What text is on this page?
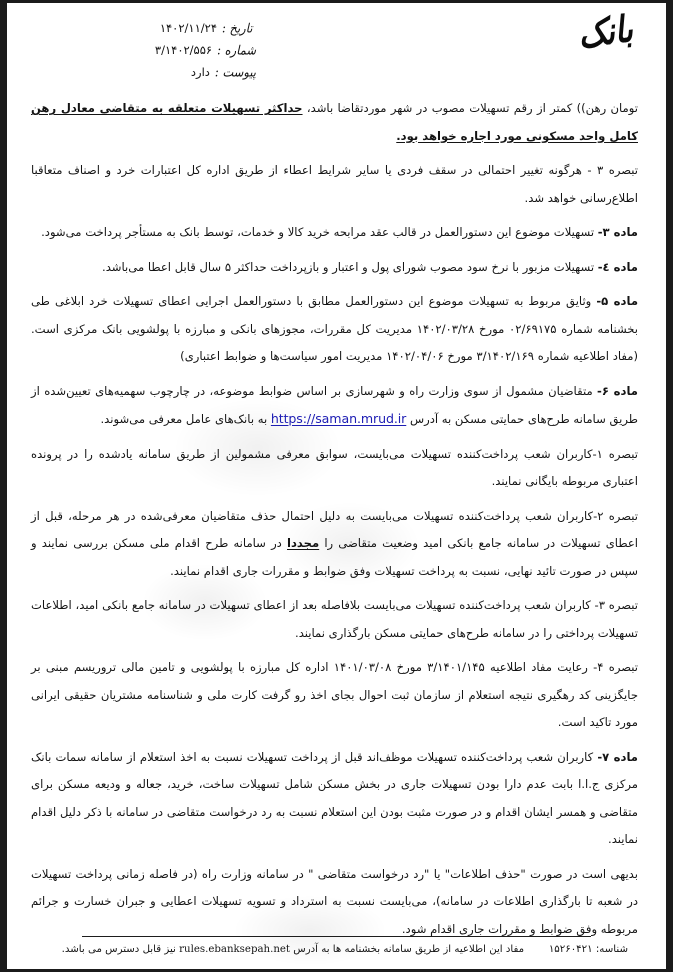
بانک
تاریخ :
۱۴۰۲/۱۱/۲۴
شماره :
۳/۱۴۰۲/۵۵۶
پیوست :
دارد

تومان رهن)) کمتر از رقم تسهیلات مصوب در شهر موردتقاضا باشد، حداکثر تسهیلات متعلقه به متقاضی معادل رهن کامل واحد مسکونی مورد اجاره خواهد بود.

تبصره ۳ - هرگونه تغییر احتمالی در سقف فردی یا سایر شرایط اعطاء از طریق اداره کل اعتبارات خرد و اصناف متعاقبا اطلاع‌رسانی خواهد شد.

ماده ۳- تسهیلات موضوع این دستورالعمل در قالب عقد مرابحه خرید کالا و خدمات، توسط بانک به مستأجر پرداخت می‌شود.

ماده ٤- تسهیلات مزبور با نرخ سود مصوب شورای پول و اعتبار و بازپرداخت حداکثر ۵ سال قابل اعطا می‌باشد.

ماده ۵- وثایق مربوط به تسهیلات موضوع این دستورالعمل مطابق با دستورالعمل اجرایی اعطای تسهیلات خرد ابلاغی طی بخشنامه شماره ۰۲/۶۹۱۷۵ مورخ ۱۴۰۲/۰۳/۲۸ مدیریت کل مقررات، مجوزهای بانکی و مبارزه با پولشویی بانک مرکزی است. (مفاد اطلاعیه شماره ۳/۱۴۰۲/۱۶۹ مورخ ۱۴۰۲/۰۴/۰۶ مدیریت امور سیاست‌ها و ضوابط اعتباری)

ماده ۶- متقاضیان مشمول از سوی وزارت راه و شهرسازی بر اساس ضوابط موضوعه، در چارچوب سهمیه‌های تعیین‌شده از طریق سامانه طرح‌های حمایتی مسکن به آدرس https://saman.mrud.ir به بانک‌های عامل معرفی می‌شوند.

تبصره ۱-کاربران شعب پرداخت‌کننده تسهیلات می‌بایست، سوابق معرفی مشمولین از طریق سامانه یادشده را در پرونده اعتباری مربوطه بایگانی نمایند.

تبصره ۲-کاربران شعب پرداخت‌کننده تسهیلات می‌بایست به دلیل احتمال حذف متقاضیان معرفی‌شده در هر مرحله، قبل از اعطای تسهیلات در سامانه جامع بانکی امید وضعیت متقاضی را مجددا در سامانه طرح اقدام ملی مسکن بررسی نمایند و سپس در صورت تائید نهایی، نسبت به پرداخت تسهیلات وفق ضوابط و مقررات جاری اقدام نمایند.

تبصره ۳- کاربران شعب پرداخت‌کننده تسهیلات می‌بایست بلافاصله بعد از اعطای تسهیلات در سامانه جامع بانکی امید، اطلاعات تسهیلات پرداختی را در سامانه طرح‌های حمایتی مسکن بارگذاری نمایند.

تبصره ۴- رعایت مفاد اطلاعیه ۳/۱۴۰۱/۱۴۵ مورخ ۱۴۰۱/۰۳/۰۸ اداره کل مبارزه با پولشویی و تامین مالی تروریسم مبنی بر جایگزینی کد رهگیری نتیجه استعلام از سازمان ثبت احوال بجای اخذ رو گرفت کارت ملی و شناسنامه مشتریان حقیقی ایرانی مورد تاکید است.

ماده ۷- کاربران شعب پرداخت‌کننده تسهیلات موظف‌اند قبل از پرداخت تسهیلات نسبت به اخذ استعلام از سامانه سمات بانک مرکزی ج.ا.ا بابت عدم دارا بودن تسهیلات جاری در بخش مسکن شامل تسهیلات ساخت، خرید، جعاله و ودیعه مسکن برای متقاضی و همسر ایشان اقدام و در صورت مثبت بودن این استعلام نسبت به رد درخواست متقاضی در سامانه با ذکر دلیل اقدام نمایند.

بدیهی است در صورت "حذف اطلاعات" یا "رد درخواست متقاضی " در سامانه وزارت راه (در فاصله زمانی پرداخت تسهیلات در شعبه تا بارگذاری اطلاعات در سامانه)، می‌بایست نسبت به استرداد و تسویه تسهیلات اعطایی و جبران خسارت و جرائم مربوطه وفق ضوابط و مقررات جاری اقدام شود.

شناسه: ۱۵۲۶۰۴۲۱
مفاد این اطلاعیه از طریق سامانه بخشنامه ها به آدرس rules.ebanksepah.net نیز قابل دسترس می باشد.
